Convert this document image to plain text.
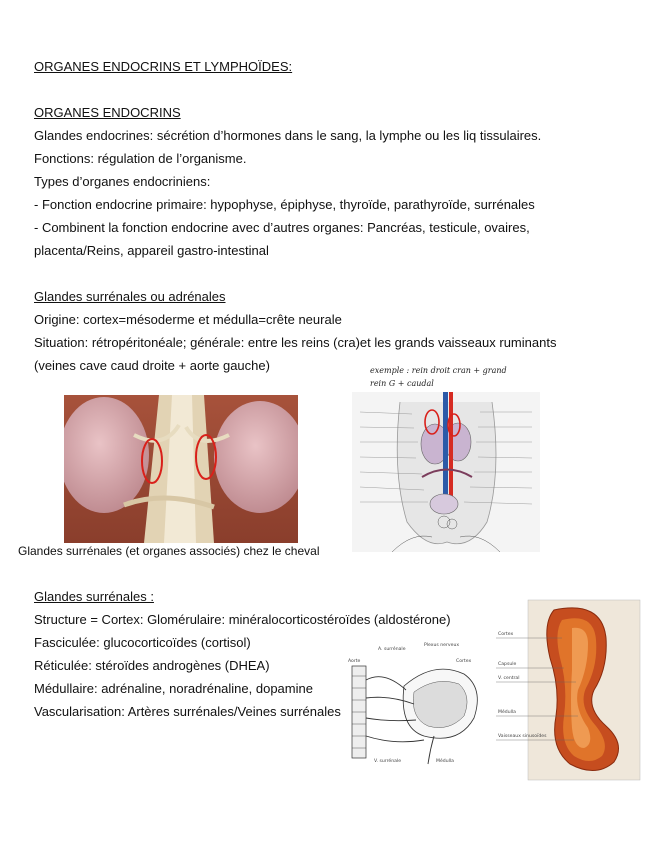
ORGANES ENDOCRINS ET LYMPHOÏDES:
ORGANES ENDOCRINS
Glandes endocrines: sécrétion d’hormones dans le sang, la lymphe ou les liq tissulaires.
Fonctions: régulation de l’organisme.
Types d’organes endocriniens:
- Fonction endocrine primaire: hypophyse, épiphyse, thyroïde, parathyroïde, surrénales
- Combinent la fonction endocrine avec d’autres organes: Pancréas, testicule, ovaires,
placenta/Reins, appareil gastro-intestinal
Glandes surrénales ou adrénales
Origine: cortex=mésoderme et médulla=crête neurale
Situation: rétropéritonéale; générale: entre les reins (cra)et les grands vaisseaux ruminants
(veines cave caud droite + aorte gauche)	exemple : rein droit cran + grand
rein G + caudal
Glandes surrénales (et organes associés) chez le cheval
Glandes surrénales :
Structure = Cortex: Glomérulaire: minéralocorticostéroïdes (aldostérone)
Fasciculée: glucocorticoïdes (cortisol)
Réticulée: stéroïdes androgènes (DHEA)
Médullaire: adrénaline, noradrénaline, dopamine
Vascularisation: Artères surrénales/Veines surrénales
Aorte
A. surrénale
Plexus nerveux
Cortex
V. surrénale	Médulla
Cortex
Capsule
V. central
Médulla
Vaisseaux sinusoïdes
